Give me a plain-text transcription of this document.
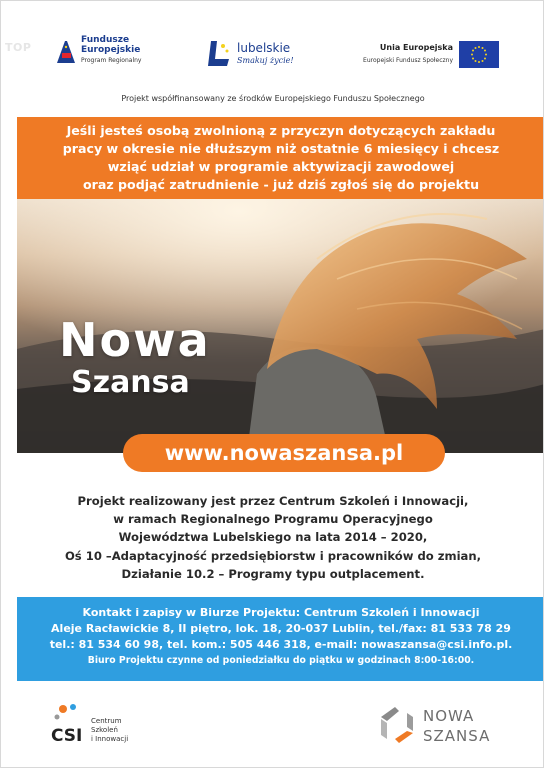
TOP
Fundusze
Europejskie
Program Regionalny
lubelskie
Smakuj życie!
Unia Europejska
Europejski Fundusz Społeczny
Projekt współfinansowany ze środków Europejskiego Funduszu Społecznego
Jeśli jesteś osobą zwolnioną z przyczyn dotyczących zakładu
pracy w okresie nie dłuższym niż ostatnie 6 miesięcy i chcesz
wziąć udział w programie aktywizacji zawodowej
oraz podjąć zatrudnienie - już dziś zgłoś się do projektu
Nowa
Szansa
www.nowaszansa.pl
Projekt realizowany jest przez Centrum Szkoleń i Innowacji,
w ramach Regionalnego Programu Operacyjnego
Województwa Lubelskiego na lata 2014 – 2020,
Oś 10 –Adaptacyjność przedsiębiorstw i pracowników do zmian,
Działanie 10.2 – Programy typu outplacement.
Kontakt i zapisy w Biurze Projektu: Centrum Szkoleń i Innowacji
Aleje Racławickie 8, II piętro, lok. 18, 20-037 Lublin, tel./fax: 81 533 78 29
tel.: 81 534 60 98, tel. kom.: 505 446 318, e-mail: nowaszansa@csi.info.pl.
Biuro Projektu czynne od poniedziałku do piątku w godzinach 8:00-16:00.
CSI
Centrum
Szkoleń
i Innowacji
NOWA
SZANSA
